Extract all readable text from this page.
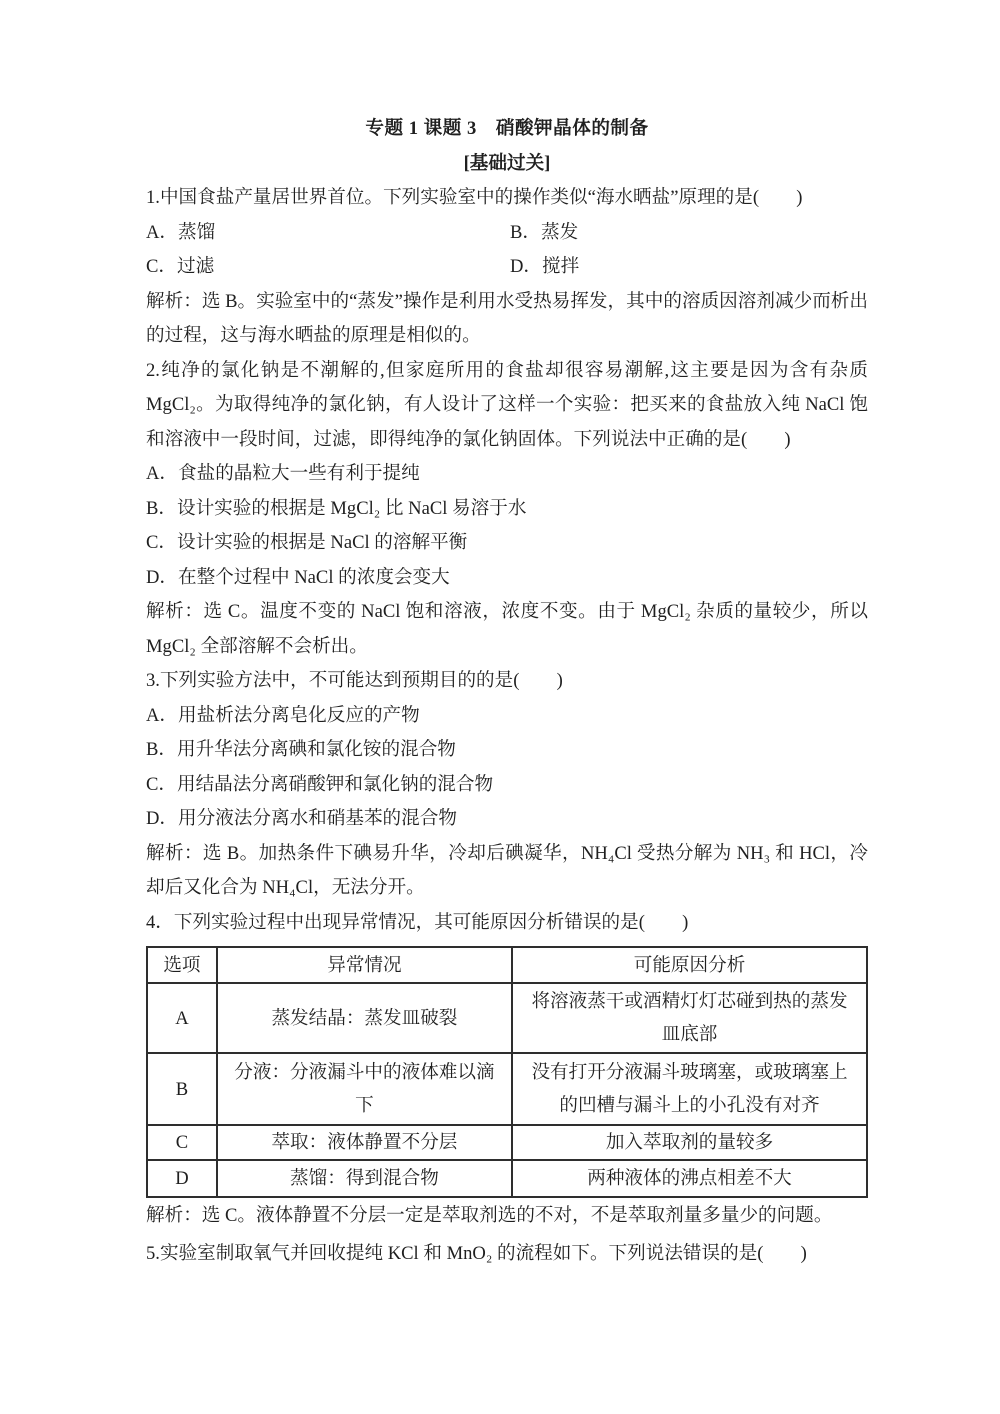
专题 1 课题 3　硝酸钾晶体的制备
[基础过关]

1.中国食盐产量居世界首位。下列实验室中的操作类似“海水晒盐”原理的是(　　)

A．蒸馏	B．蒸发
C．过滤	D．搅拌

解析：选 B。实验室中的“蒸发”操作是利用水受热易挥发，其中的溶质因溶剂减少而析出的过程，这与海水晒盐的原理是相似的。

2.纯净的氯化钠是不潮解的,但家庭所用的食盐却很容易潮解,这主要是因为含有杂质 MgCl₂。为取得纯净的氯化钠，有人设计了这样一个实验：把买来的食盐放入纯 NaCl 饱和溶液中一段时间，过滤，即得纯净的氯化钠固体。下列说法中正确的是(　　)

A．食盐的晶粒大一些有利于提纯

B．设计实验的根据是 MgCl₂ 比 NaCl 易溶于水

C．设计实验的根据是 NaCl 的溶解平衡

D．在整个过程中 NaCl 的浓度会变大

解析：选 C。温度不变的 NaCl 饱和溶液，浓度不变。由于 MgCl₂ 杂质的量较少，所以 MgCl₂ 全部溶解不会析出。

3.下列实验方法中，不可能达到预期目的的是(　　)

A．用盐析法分离皂化反应的产物

B．用升华法分离碘和氯化铵的混合物

C．用结晶法分离硝酸钾和氯化钠的混合物

D．用分液法分离水和硝基苯的混合物

解析：选 B。加热条件下碘易升华，冷却后碘凝华，NH₄Cl 受热分解为 NH₃ 和 HCl，冷却后又化合为 NH₄Cl，无法分开。

4．下列实验过程中出现异常情况，其可能原因分析错误的是(　　)

选项	异常情况	可能原因分析
A	蒸发结晶：蒸发皿破裂	将溶液蒸干或酒精灯灯芯碰到热的蒸发皿底部
B	分液：分液漏斗中的液体难以滴下	没有打开分液漏斗玻璃塞，或玻璃塞上的凹槽与漏斗上的小孔没有对齐
C	萃取：液体静置不分层	加入萃取剂的量较多
D	蒸馏：得到混合物	两种液体的沸点相差不大

解析：选 C。液体静置不分层一定是萃取剂选的不对，不是萃取剂量多量少的问题。

5.实验室制取氧气并回收提纯 KCl 和 MnO₂ 的流程如下。下列说法错误的是(　　)
